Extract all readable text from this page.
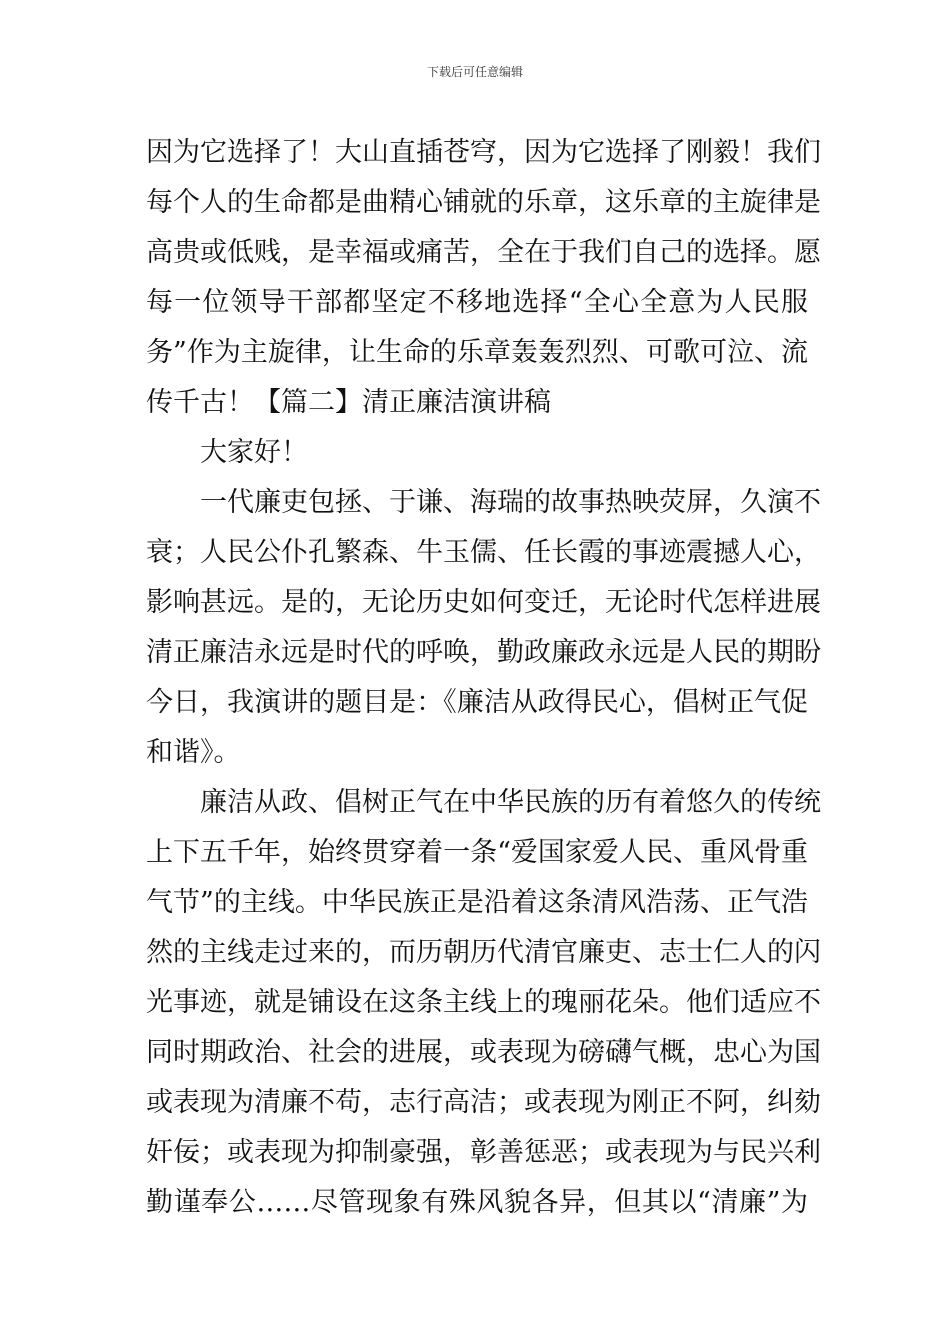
下载后可任意编辑
因为它选择了！大山直插苍穹，因为它选择了刚毅！我们
每个人的生命都是曲精心铺就的乐章，这乐章的主旋律是
高贵或低贱，是幸福或痛苦，全在于我们自己的选择。愿
每一位领导干部都坚定不移地选择“全心全意为人民服
务”作为主旋律，让生命的乐章轰轰烈烈、可歌可泣、流
传千古！【篇二】清正廉洁演讲稿
大家好！
一代廉吏包拯、于谦、海瑞的故事热映荧屏，久演不
衰；人民公仆孔繁森、牛玉儒、任长霞的事迹震撼人心，
影响甚远。是的，无论历史如何变迁，无论时代怎样进展
清正廉洁永远是时代的呼唤，勤政廉政永远是人民的期盼
今日，我演讲的题目是：《廉洁从政得民心，倡树正气促
和谐》。
廉洁从政、倡树正气在中华民族的历有着悠久的传统
上下五千年，始终贯穿着一条“爱国家爱人民、重风骨重
气节”的主线。中华民族正是沿着这条清风浩荡、正气浩
然的主线走过来的，而历朝历代清官廉吏、志士仁人的闪
光事迹，就是铺设在这条主线上的瑰丽花朵。他们适应不
同时期政治、社会的进展，或表现为磅礴气概，忠心为国
或表现为清廉不苟，志行高洁；或表现为刚正不阿，纠劾
奸佞；或表现为抑制豪强，彰善惩恶；或表现为与民兴利
勤谨奉公……尽管现象有殊风貌各异，但其以“清廉”为
